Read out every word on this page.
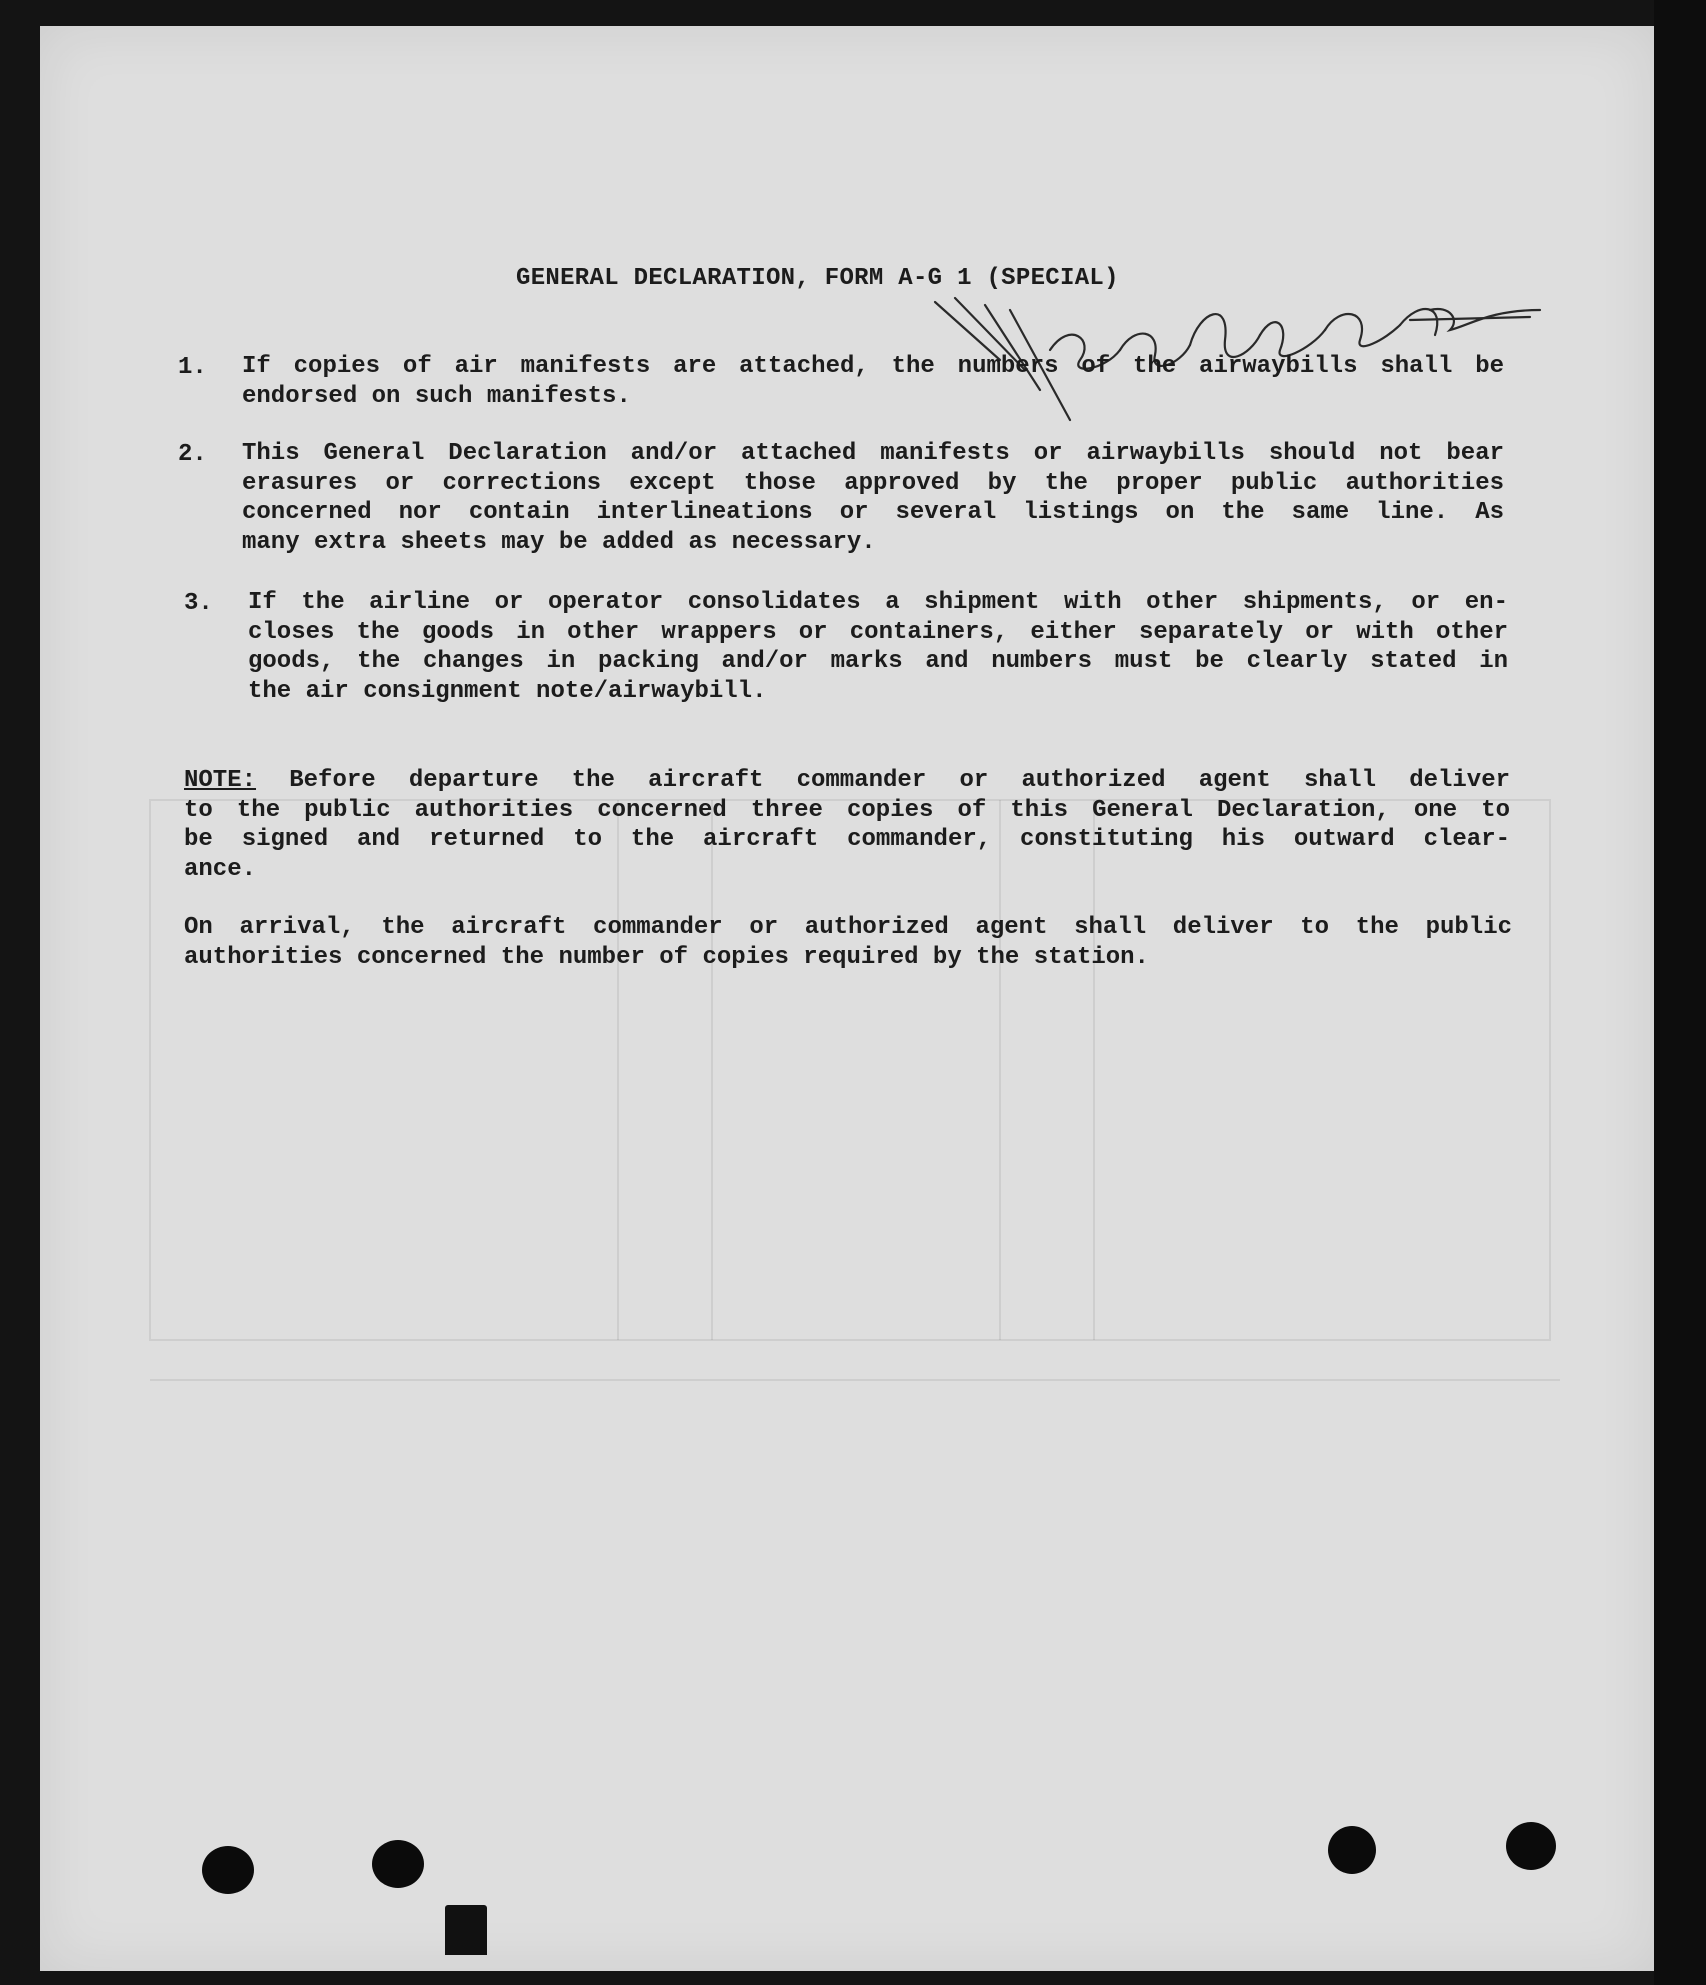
GENERAL DECLARATION, FORM A-G 1 (SPECIAL)
1. If copies of air manifests are attached, the numbers of the airwaybills shall be
endorsed on such manifests.
2. This General Declaration and/or attached manifests or airwaybills should not bear
erasures or corrections except those approved by the proper public authorities
concerned nor contain interlineations or several listings on the same line. As
many extra sheets may be added as necessary.
3. If the airline or operator consolidates a shipment with other shipments, or en-
closes the goods in other wrappers or containers, either separately or with other
goods, the changes in packing and/or marks and numbers must be clearly stated in
the air consignment note/airwaybill.
NOTE: Before departure the aircraft commander or authorized agent shall deliver
to the public authorities concerned three copies of this General Declaration, one to
be signed and returned to the aircraft commander, constituting his outward clear-
ance.
On arrival, the aircraft commander or authorized agent shall deliver to the public
authorities concerned the number of copies required by the station.
